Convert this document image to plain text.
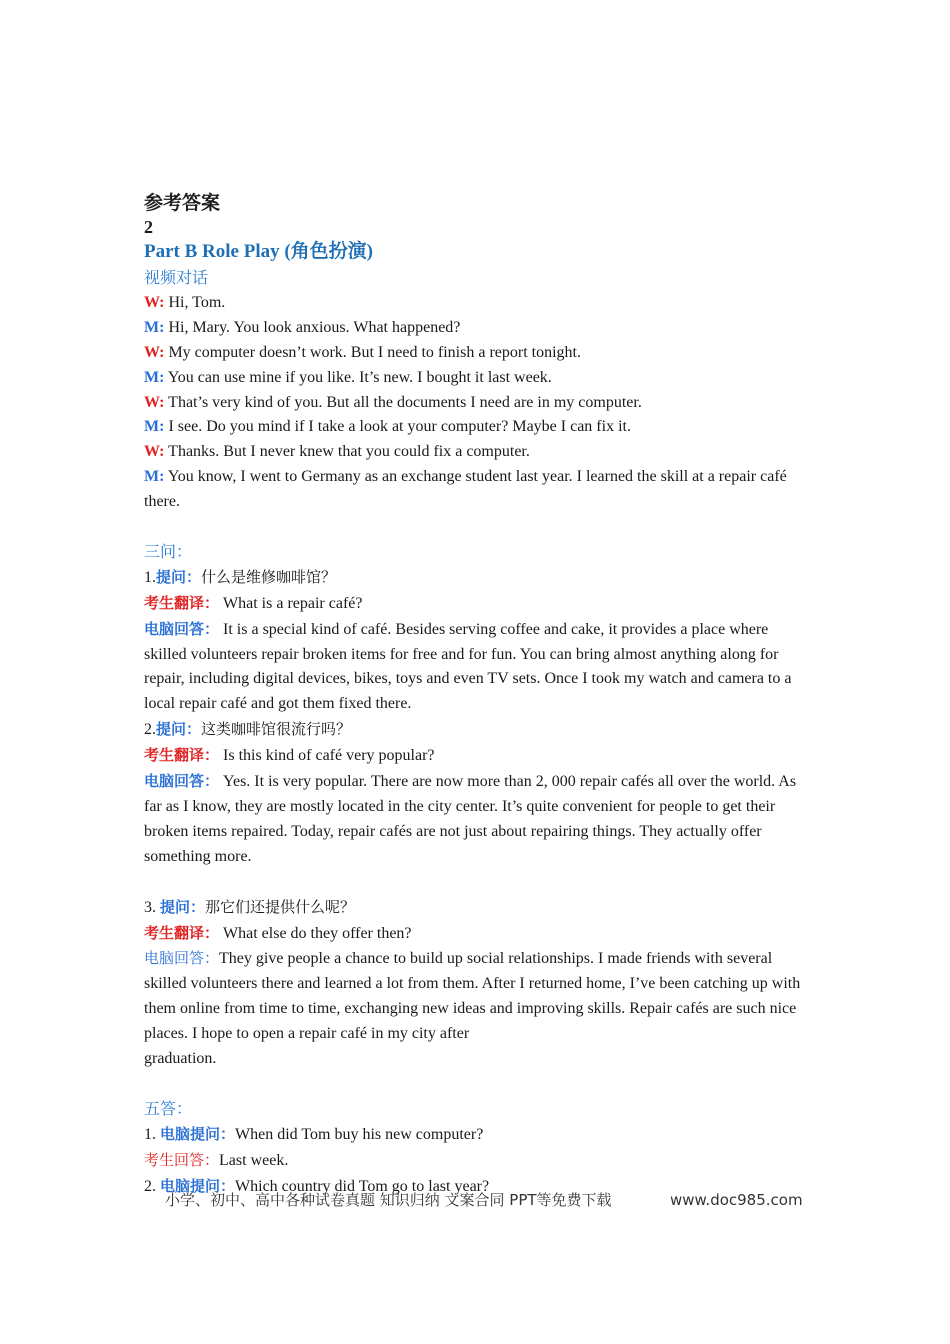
参考答案

2

Part B Role Play (角色扮演)

视频对话

W: Hi, Tom.

M: Hi, Mary. You look anxious. What happened?

W: My computer doesn’t work. But I need to finish a report tonight.

M: You can use mine if you like. It’s new. I bought it last week.

W: That’s very kind of you. But all the documents I need are in my computer.

M: I see. Do you mind if I take a look at your computer? Maybe I can fix it.

W: Thanks. But I never knew that you could fix a computer.

M: You know, I went to Germany as an exchange student last year. I learned the skill at a repair café there.

三问：

1.提问：什么是维修咖啡馆？

考生翻译： What is a repair café?

电脑回答： It is a special kind of café. Besides serving coffee and cake, it provides a place where skilled volunteers repair broken items for free and for fun. You can bring almost anything along for repair, including digital devices, bikes, toys and even TV sets. Once I took my watch and camera to a local repair café and got them fixed there.

2.提问：这类咖啡馆很流行吗？

考生翻译： Is this kind of café very popular?

电脑回答： Yes. It is very popular. There are now more than 2, 000 repair cafés all over the world. As far as I know, they are mostly located in the city center. It’s quite convenient for people to get their broken items repaired. Today, repair cafés are not just about repairing things. They actually offer something more.

3. 提问：那它们还提供什么呢？

考生翻译： What else do they offer then?

电脑回答：They give people a chance to build up social relationships. I made friends with several skilled volunteers there and learned a lot from them. After I returned home, I’ve been catching up with them online from time to time, exchanging new ideas and improving skills. Repair cafés are such nice places. I hope to open a repair café in my city after

graduation.

五答：

1. 电脑提问：When did Tom buy his new computer?

考生回答：Last week.

2. 电脑提问：Which country did Tom go to last year?

小学、初中、高中各种试卷真题 知识归纳 文案合同 PPT等免费下载	www.doc985.com
